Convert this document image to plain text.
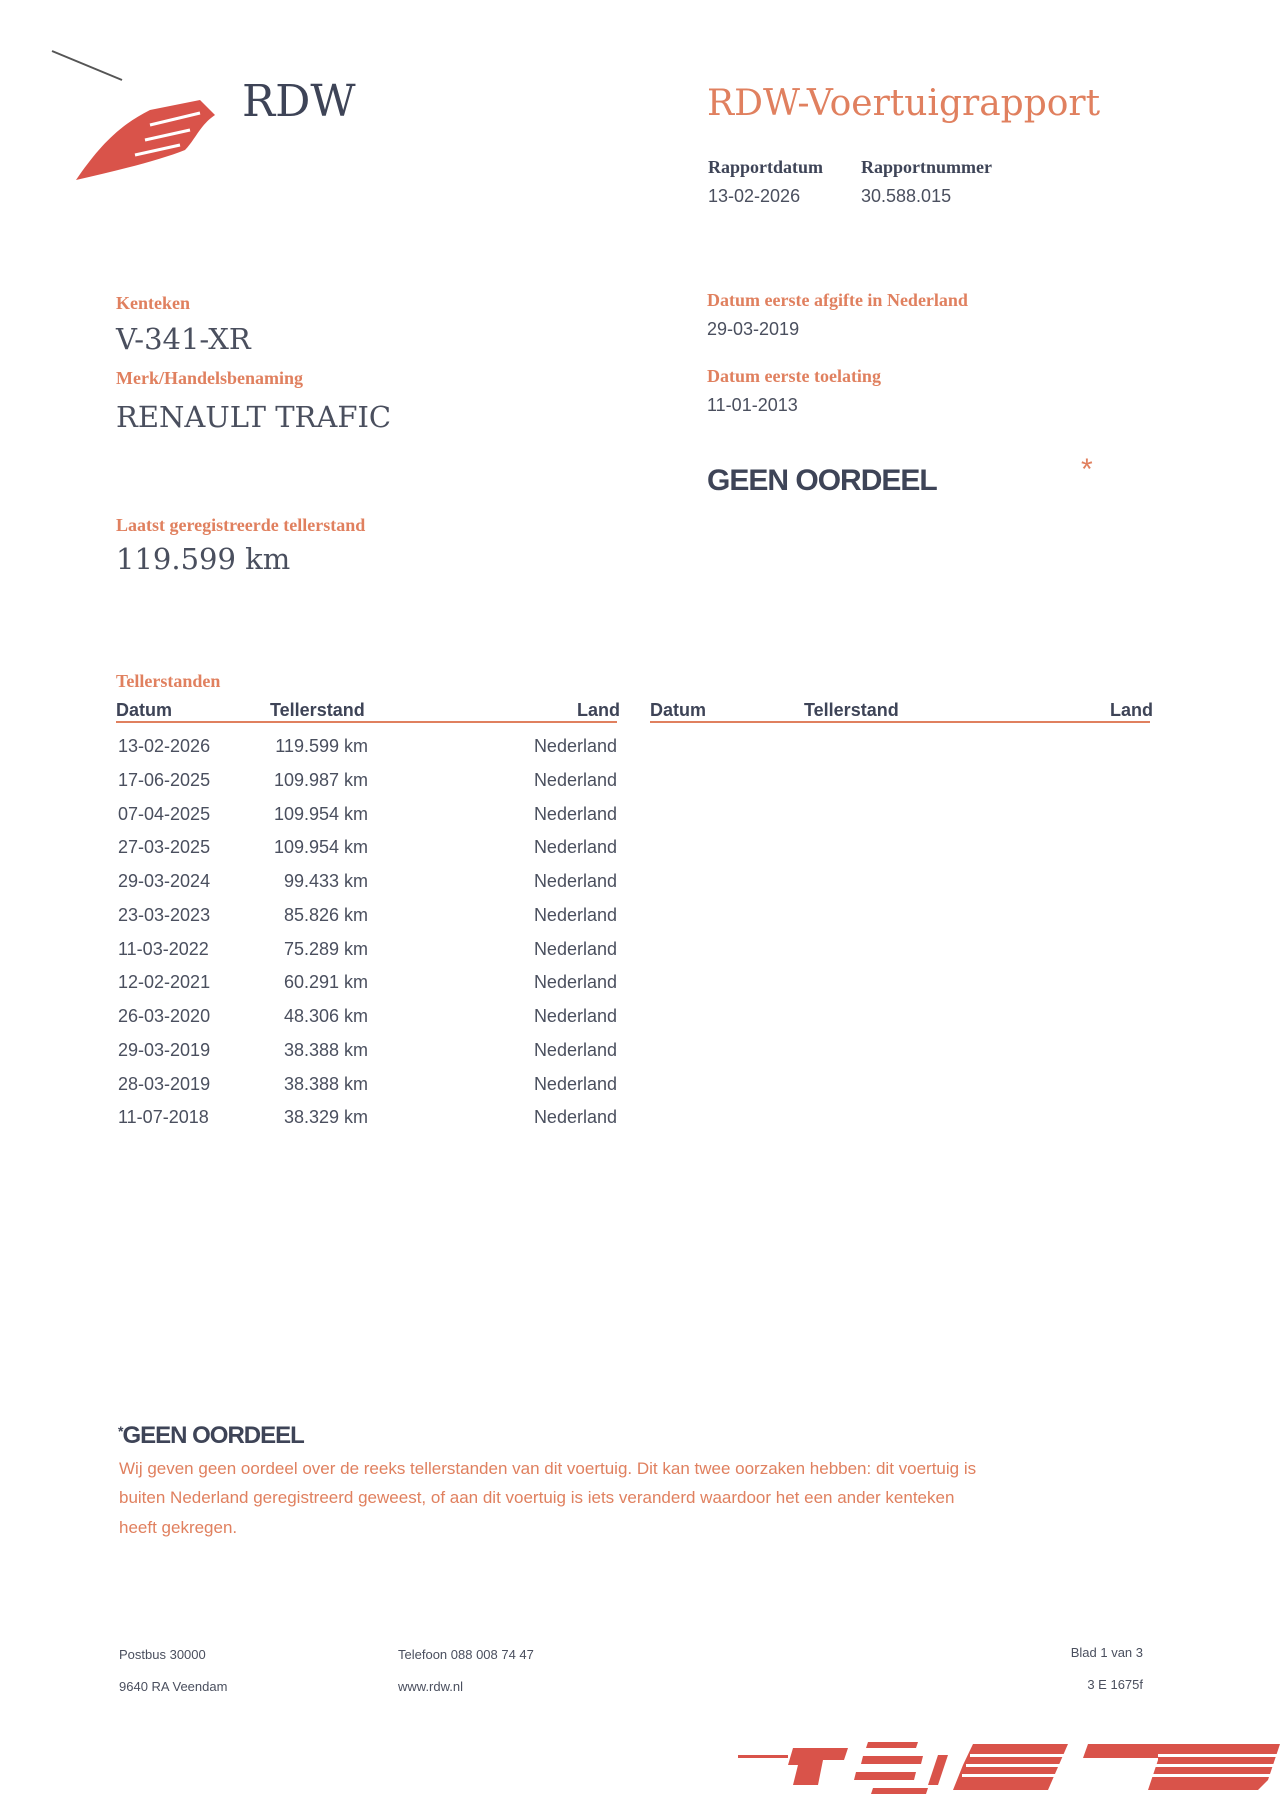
RDW	RDW-Voertuigrapport
Rapportdatum Rapportnummer
13-02-2026	30.588.015
Kenteken
V-341-XR
Merk/Handelsbenaming
RENAULT TRAFIC
Laatst geregistreerde tellerstand
119.599 km
Datum eerste afgifte in Nederland
29-03-2019
Datum eerste toelating
11-01-2013
GEEN OORDEEL	*
Tellerstanden
Datum	Tellerstand	Land Datum	Tellerstand	Land
13-02-2026	119.599 km	Nederland
17-06-2025	109.987 km	Nederland
07-04-2025	109.954 km	Nederland
27-03-2025	109.954 km	Nederland
29-03-2024	99.433 km	Nederland
23-03-2023	85.826 km	Nederland
11-03-2022	75.289 km	Nederland
12-02-2021	60.291 km	Nederland
26-03-2020	48.306 km	Nederland
29-03-2019	38.388 km	Nederland
28-03-2019	38.388 km	Nederland
11-07-2018	38.329 km	Nederland
*GEEN OORDEEL
Wij geven geen oordeel over de reeks tellerstanden van dit voertuig. Dit kan twee oorzaken hebben: dit voertuig is
buiten Nederland geregistreerd geweest, of aan dit voertuig is iets veranderd waardoor het een ander kenteken
heeft gekregen.
Postbus 30000
9640 RA Veendam
Telefoon 088 008 74 47
www.rdw.nl
Blad 1 van 3
3 E 1675f
